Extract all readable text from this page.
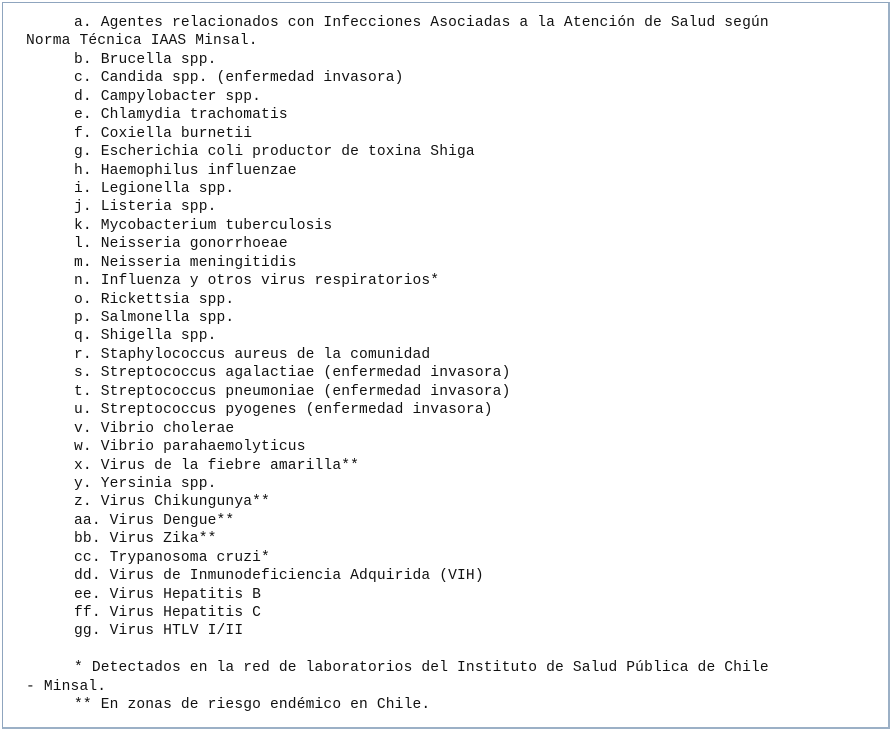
a. Agentes relacionados con Infecciones Asociadas a la Atención de Salud según
Norma Técnica IAAS Minsal.
b. Brucella spp.
c. Candida spp. (enfermedad invasora)
d. Campylobacter spp.
e. Chlamydia trachomatis
f. Coxiella burnetii
g. Escherichia coli productor de toxina Shiga
h. Haemophilus influenzae
i. Legionella spp.
j. Listeria spp.
k. Mycobacterium tuberculosis
l. Neisseria gonorrhoeae
m. Neisseria meningitidis
n. Influenza y otros virus respiratorios*
o. Rickettsia spp.
p. Salmonella spp.
q. Shigella spp.
r. Staphylococcus aureus de la comunidad
s. Streptococcus agalactiae (enfermedad invasora)
t. Streptococcus pneumoniae (enfermedad invasora)
u. Streptococcus pyogenes (enfermedad invasora)
v. Vibrio cholerae
w. Vibrio parahaemolyticus
x. Virus de la fiebre amarilla**
y. Yersinia spp.
z. Virus Chikungunya**
aa. Virus Dengue**
bb. Virus Zika**
cc. Trypanosoma cruzi*
dd. Virus de Inmunodeficiencia Adquirida (VIH)
ee. Virus Hepatitis B
ff. Virus Hepatitis C
gg. Virus HTLV I/II
* Detectados en la red de laboratorios del Instituto de Salud Pública de Chile
- Minsal.
** En zonas de riesgo endémico en Chile.
